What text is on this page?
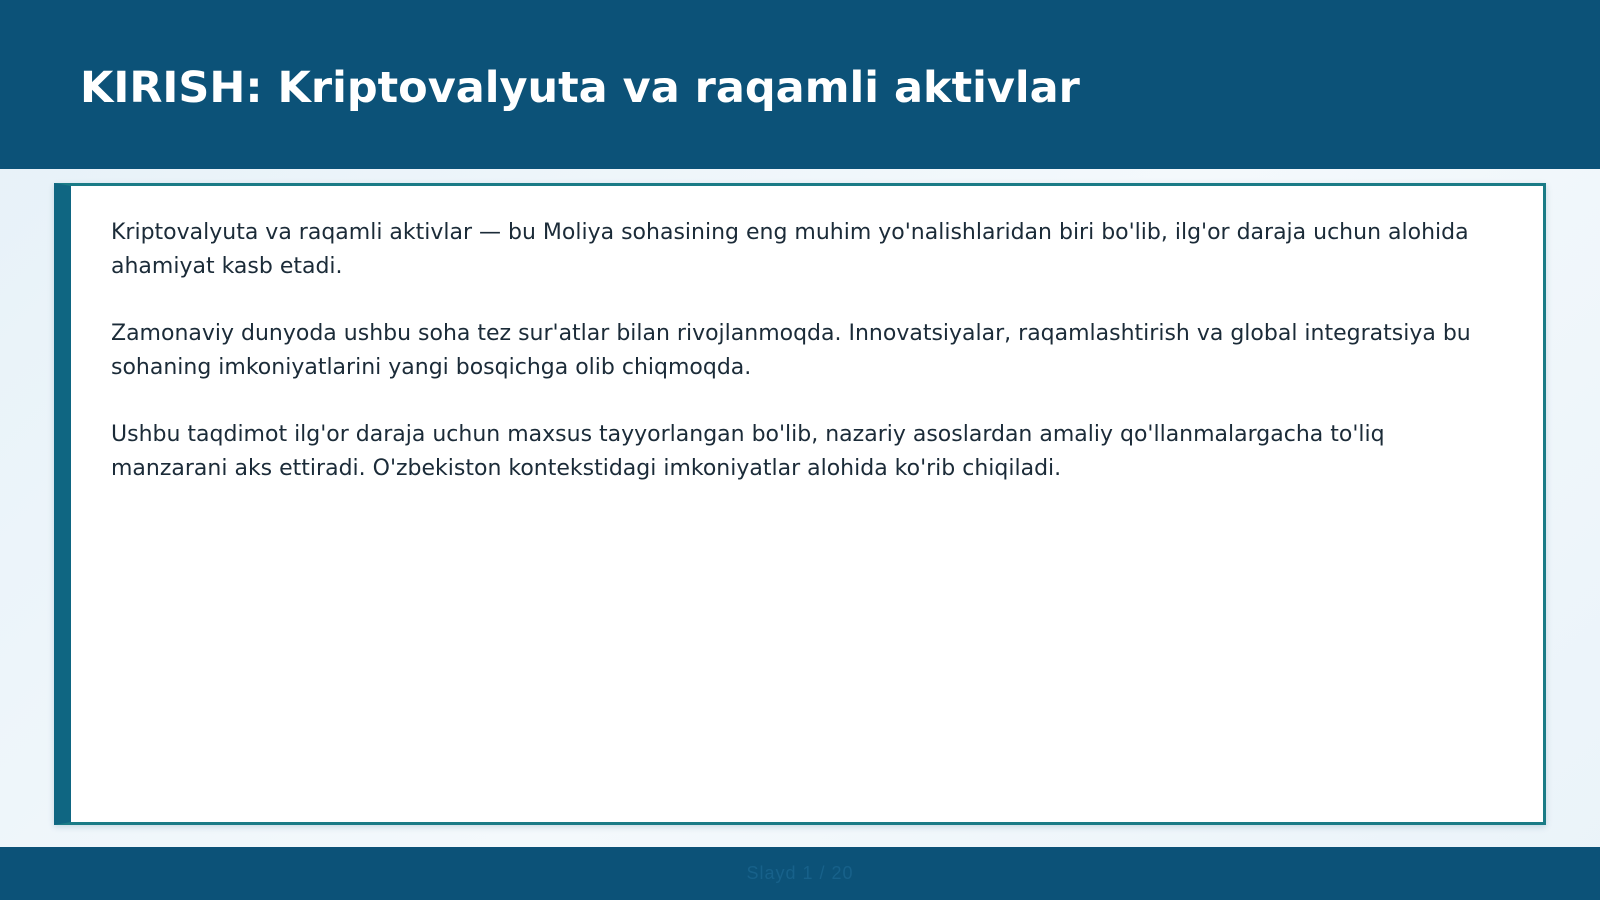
KIRISH: Kriptovalyuta va raqamli aktivlar

Kriptovalyuta va raqamli aktivlar — bu Moliya sohasining eng muhim yo'nalishlaridan biri bo'lib, ilg'or daraja uchun alohida ahamiyat kasb etadi.

Zamonaviy dunyoda ushbu soha tez sur'atlar bilan rivojlanmoqda. Innovatsiyalar, raqamlashtirish va global integratsiya bu sohaning imkoniyatlarini yangi bosqichga olib chiqmoqda.

Ushbu taqdimot ilg'or daraja uchun maxsus tayyorlangan bo'lib, nazariy asoslardan amaliy qo'llanmalargacha to'liq manzarani aks ettiradi. O'zbekiston kontekstidagi imkoniyatlar alohida ko'rib chiqiladi.

Slayd 1 / 20
